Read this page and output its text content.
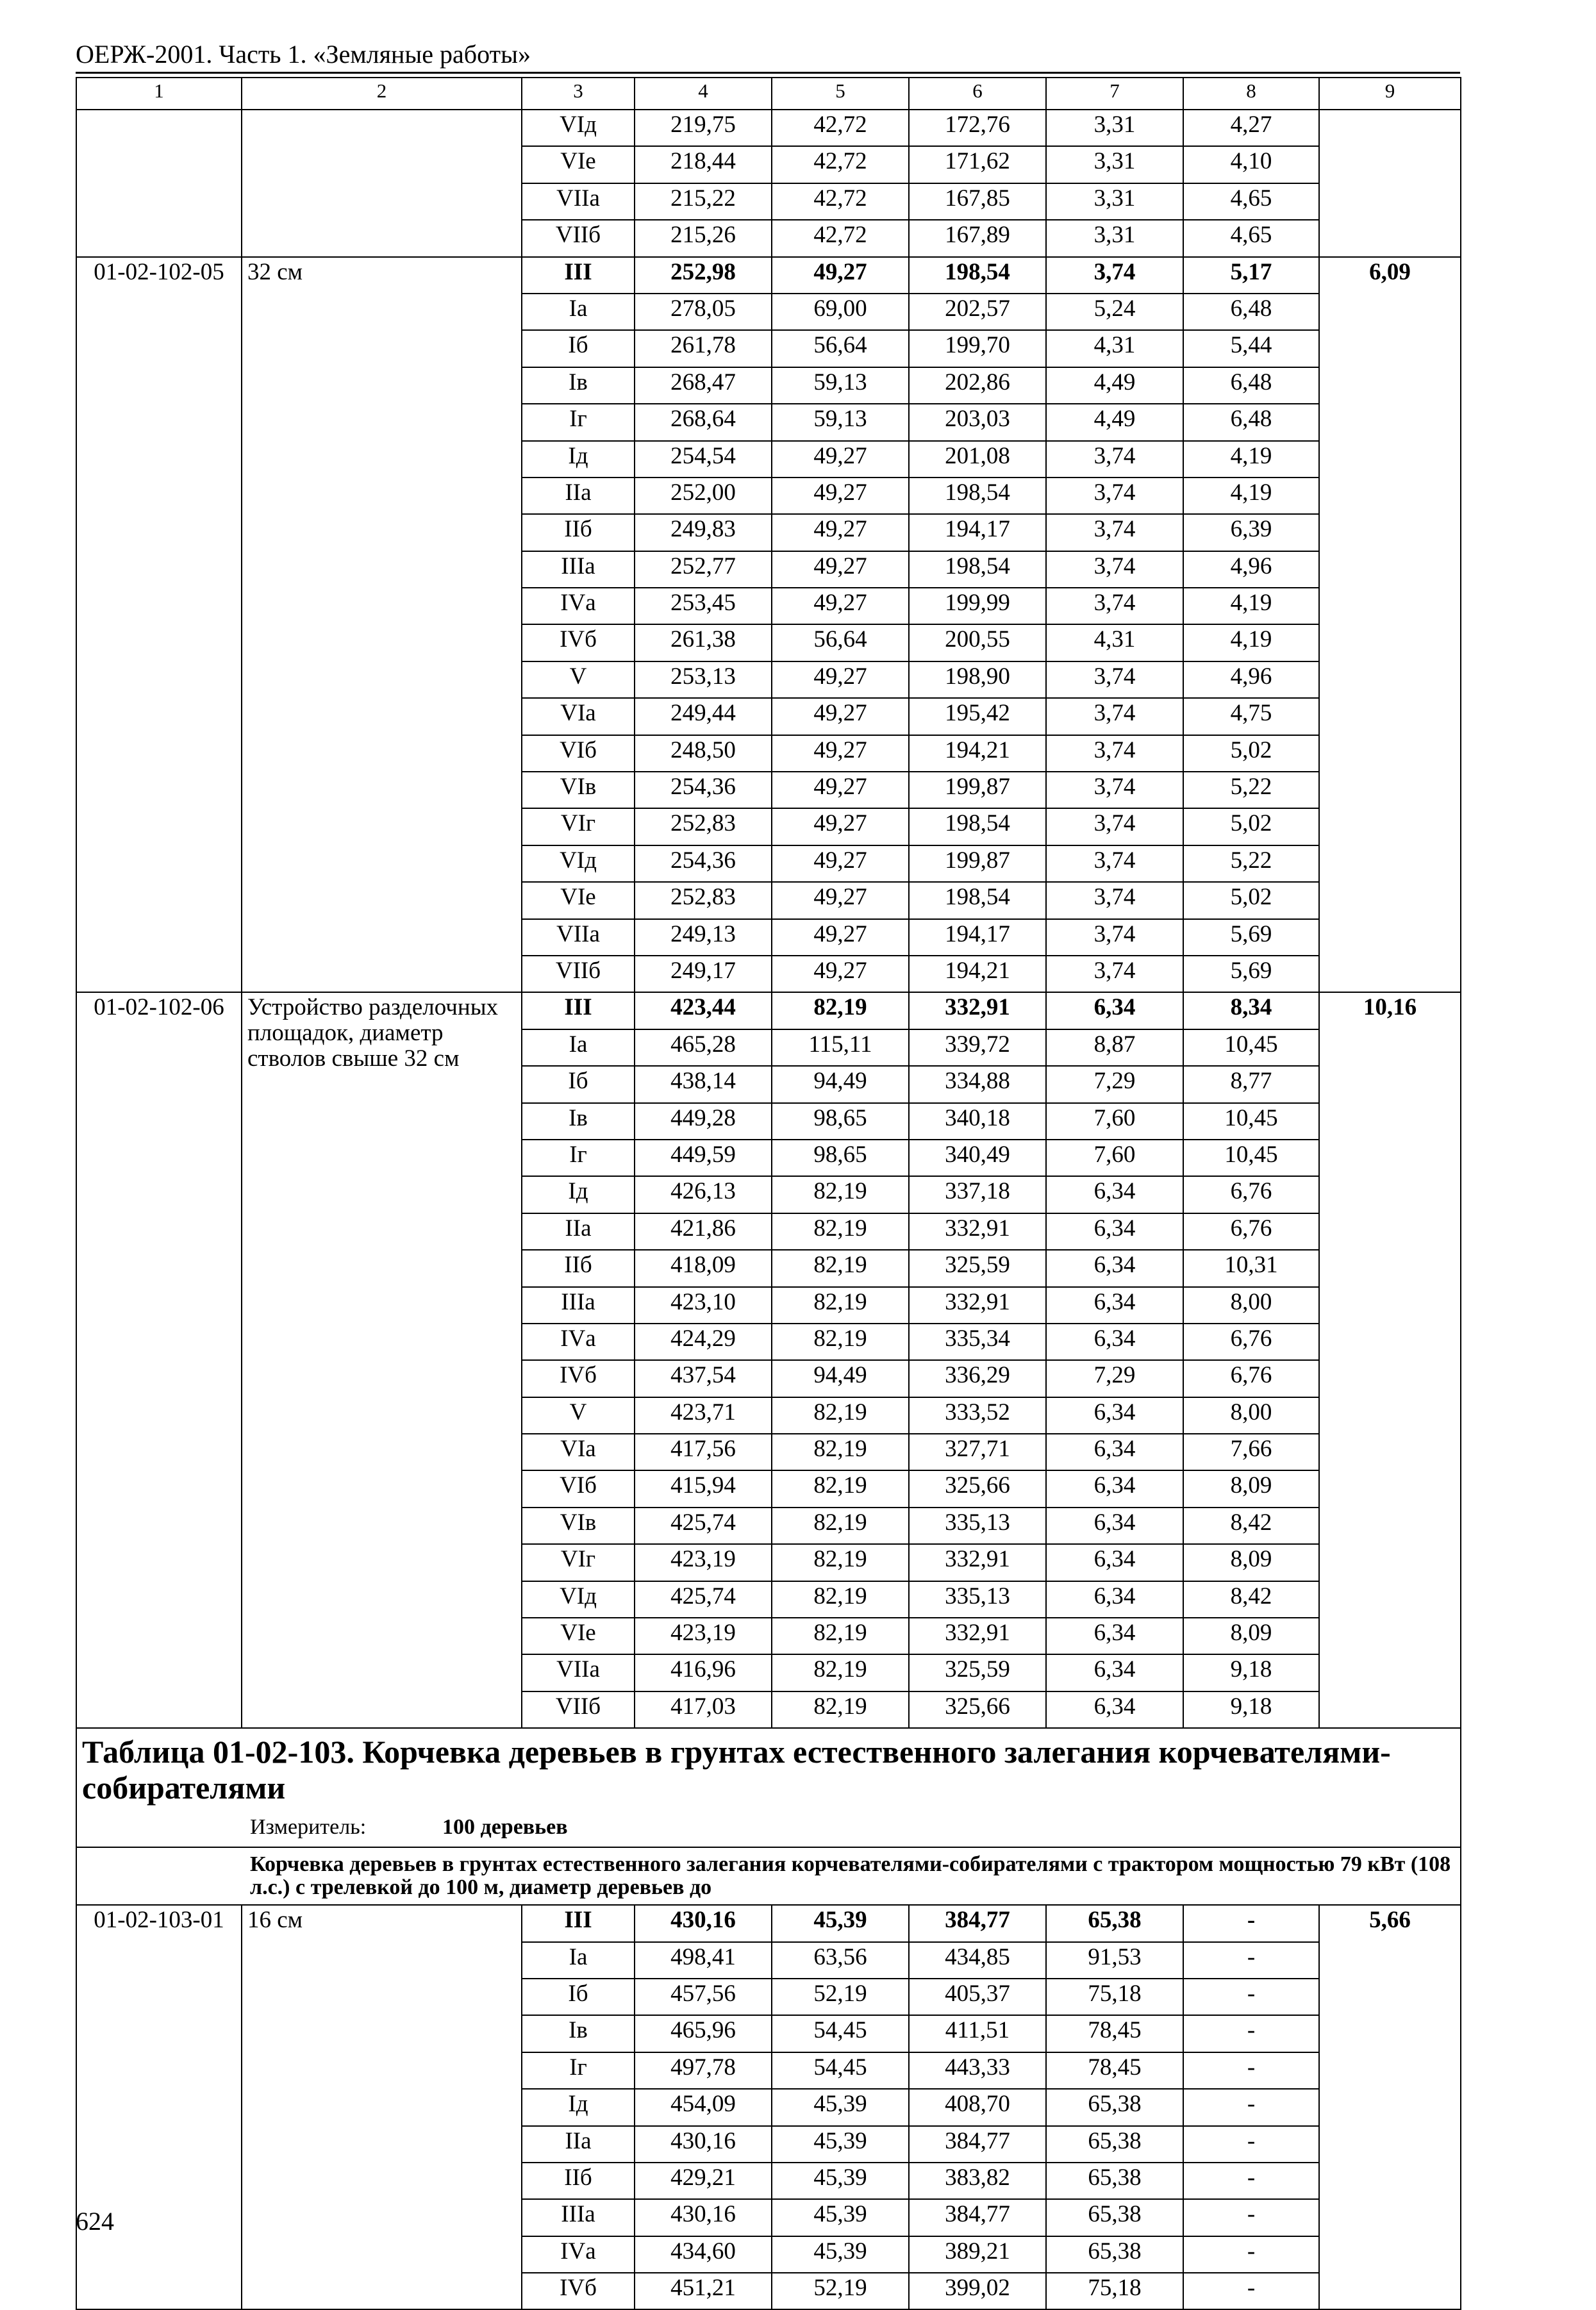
ОЕРЖ-2001. Часть 1. «Земляные работы»
1	2	3	4	5	6	7	8	9
		VIд	219,75	42,72	172,76	3,31	4,27	
		VIе	218,44	42,72	171,62	3,31	4,10	
		VIIа	215,22	42,72	167,85	3,31	4,65	
		VIIб	215,26	42,72	167,89	3,31	4,65	
01-02-102-05	32 см	III	252,98	49,27	198,54	3,74	5,17	6,09
		Iа	278,05	69,00	202,57	5,24	6,48	
		Iб	261,78	56,64	199,70	4,31	5,44	
		Iв	268,47	59,13	202,86	4,49	6,48	
		Iг	268,64	59,13	203,03	4,49	6,48	
		Iд	254,54	49,27	201,08	3,74	4,19	
		IIа	252,00	49,27	198,54	3,74	4,19	
		IIб	249,83	49,27	194,17	3,74	6,39	
		IIIа	252,77	49,27	198,54	3,74	4,96	
		IVа	253,45	49,27	199,99	3,74	4,19	
		IVб	261,38	56,64	200,55	4,31	4,19	
		V	253,13	49,27	198,90	3,74	4,96	
		VIа	249,44	49,27	195,42	3,74	4,75	
		VIб	248,50	49,27	194,21	3,74	5,02	
		VIв	254,36	49,27	199,87	3,74	5,22	
		VIг	252,83	49,27	198,54	3,74	5,02	
		VIд	254,36	49,27	199,87	3,74	5,22	
		VIе	252,83	49,27	198,54	3,74	5,02	
		VIIа	249,13	49,27	194,17	3,74	5,69	
		VIIб	249,17	49,27	194,21	3,74	5,69	
01-02-102-06	Устройство разделочных площадок, диаметр стволов свыше 32 см	III	423,44	82,19	332,91	6,34	8,34	10,16
		Iа	465,28	115,11	339,72	8,87	10,45	
		Iб	438,14	94,49	334,88	7,29	8,77	
		Iв	449,28	98,65	340,18	7,60	10,45	
		Iг	449,59	98,65	340,49	7,60	10,45	
		Iд	426,13	82,19	337,18	6,34	6,76	
		IIа	421,86	82,19	332,91	6,34	6,76	
		IIб	418,09	82,19	325,59	6,34	10,31	
		IIIа	423,10	82,19	332,91	6,34	8,00	
		IVа	424,29	82,19	335,34	6,34	6,76	
		IVб	437,54	94,49	336,29	7,29	6,76	
		V	423,71	82,19	333,52	6,34	8,00	
		VIа	417,56	82,19	327,71	6,34	7,66	
		VIб	415,94	82,19	325,66	6,34	8,09	
		VIв	425,74	82,19	335,13	6,34	8,42	
		VIг	423,19	82,19	332,91	6,34	8,09	
		VIд	425,74	82,19	335,13	6,34	8,42	
		VIе	423,19	82,19	332,91	6,34	8,09	
		VIIа	416,96	82,19	325,59	6,34	9,18	
		VIIб	417,03	82,19	325,66	6,34	9,18	

Таблица 01-02-103. Корчевка деревьев в грунтах естественного залегания корчевателями-собирателями
Измеритель: 100 деревьев								

Корчевка деревьев в грунтах естественного залегания корчевателями-собирателями с трактором мощностью 79 кВт (108 л.с.) с трелевкой до 100 м, диаметр деревьев до								
01-02-103-01	16 см	III	430,16	45,39	384,77	65,38	-	5,66
		Iа	498,41	63,56	434,85	91,53	-	
		Iб	457,56	52,19	405,37	75,18	-	
		Iв	465,96	54,45	411,51	78,45	-	
		Iг	497,78	54,45	443,33	78,45	-	
		Iд	454,09	45,39	408,70	65,38	-	
		IIа	430,16	45,39	384,77	65,38	-	
		IIб	429,21	45,39	383,82	65,38	-	
		IIIа	430,16	45,39	384,77	65,38	-	
		IVа	434,60	45,39	389,21	65,38	-	
		IVб	451,21	52,19	399,02	75,18	-	
624
